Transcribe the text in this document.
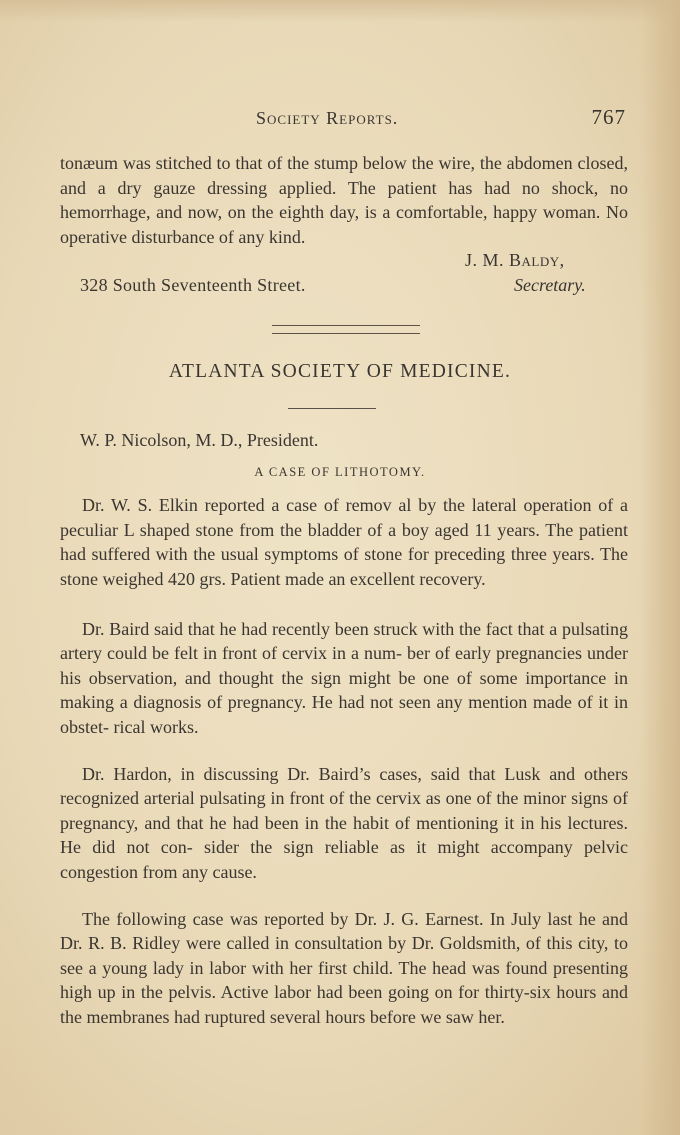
Society Reports.	767

tonæum was stitched to that of the stump below the wire, the abdomen closed, and a dry gauze dressing applied. The patient has had no shock, no hemorrhage, and now, on the eighth day, is a comfortable, happy woman. No operative disturbance of any kind.

J. M. Baldy,
328 South Seventeenth Street.	Secretary.
ATLANTA SOCIETY OF MEDICINE.
W. P. Nicolson, M. D., President.
A CASE OF LITHOTOMY.

Dr. W. S. Elkin reported a case of remov al by the lateral operation of a peculiar L shaped stone from the bladder of a boy aged 11 years. The patient had suffered with the usual symptoms of stone for preceding three years. The stone weighed 420 grs. Patient made an excellent recovery.

Dr. Baird said that he had recently been struck with the fact that a pulsating artery could be felt in front of cervix in a num- ber of early pregnancies under his observation, and thought the sign might be one of some importance in making a diagnosis of pregnancy. He had not seen any mention made of it in obstet- rical works.

Dr. Hardon, in discussing Dr. Baird’s cases, said that Lusk and others recognized arterial pulsating in front of the cervix as one of the minor signs of pregnancy, and that he had been in the habit of mentioning it in his lectures. He did not con- sider the sign reliable as it might accompany pelvic congestion from any cause.

The following case was reported by Dr. J. G. Earnest. In July last he and Dr. R. B. Ridley were called in consultation by Dr. Goldsmith, of this city, to see a young lady in labor with her first child. The head was found presenting high up in the pelvis. Active labor had been going on for thirty-six hours and the membranes had ruptured several hours before we saw her.
